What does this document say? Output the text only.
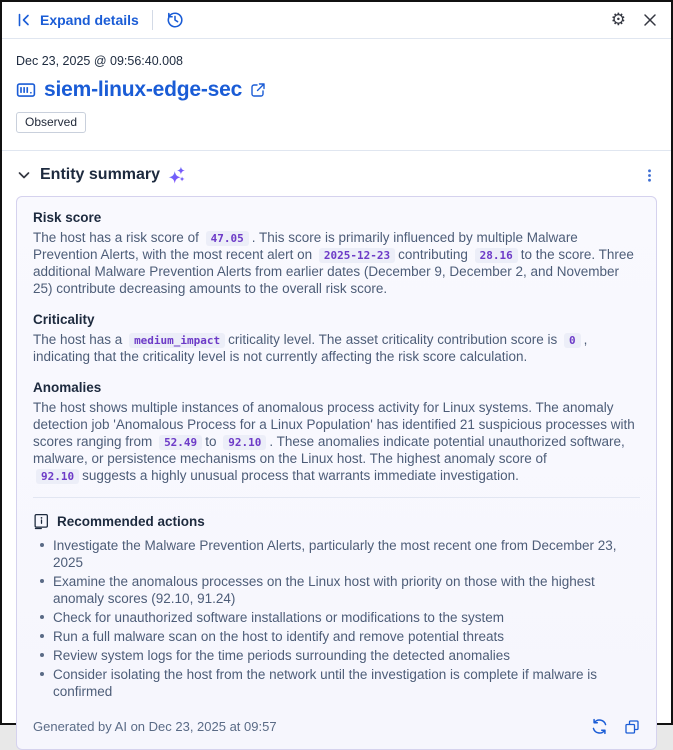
Expand details	⚙
Dec 23, 2025 @ 09:56:40.008
siem-linux-edge-sec
Observed
Entity summary
Risk score

The host has a risk score of 47.05 . This score is primarily influenced by multiple Malware Prevention Alerts, with the most recent alert on 2025-12-23 contributing 28.16 to the score. Three additional Malware Prevention Alerts from earlier dates (December 9, December 2, and November 25) contribute decreasing amounts to the overall risk score.

Criticality

The host has a medium_impact criticality level. The asset criticality contribution score is 0 , indicating that the criticality level is not currently affecting the risk score calculation.

Anomalies

The host shows multiple instances of anomalous process activity for Linux systems. The anomaly detection job 'Anomalous Process for a Linux Population' has identified 21 suspicious processes with scores ranging from 52.49 to 92.10 . These anomalies indicate potential unauthorized software, malware, or persistence mechanisms on the Linux host. The highest anomaly score of 92.10 suggests a highly unusual process that warrants immediate investigation.

Recommended actions
Investigate the Malware Prevention Alerts, particularly the most recent one from December 23, 2025
Examine the anomalous processes on the Linux host with priority on those with the highest anomaly scores (92.10, 91.24)
Check for unauthorized software installations or modifications to the system
Run a full malware scan on the host to identify and remove potential threats
Review system logs for the time periods surrounding the detected anomalies
Consider isolating the host from the network until the investigation is complete if malware is confirmed
Generated by AI on Dec 23, 2025 at 09:57
